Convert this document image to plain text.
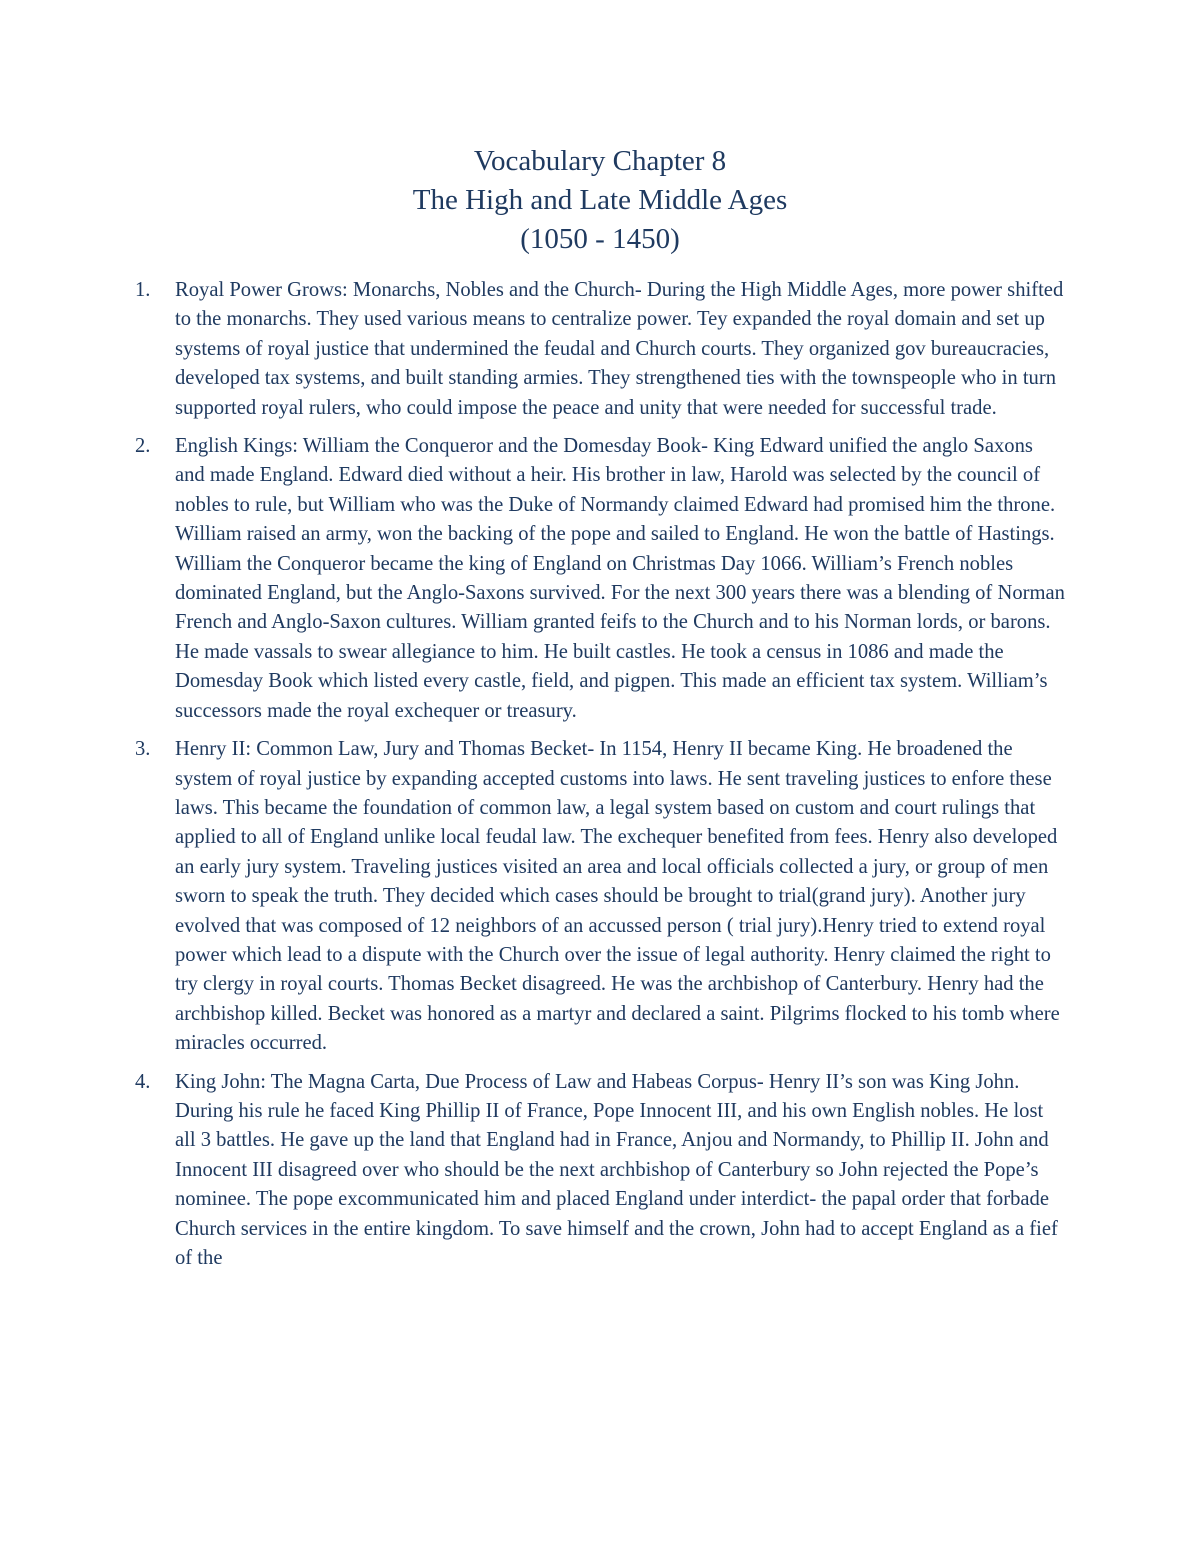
Vocabulary Chapter 8
The High and Late Middle Ages
(1050 - 1450)
1.	Royal Power Grows: Monarchs, Nobles and the Church- During the High Middle Ages, more power shifted to the monarchs. They used various means to centralize power. Tey expanded the royal domain and set up systems of royal justice that undermined the feudal and Church courts. They organized gov bureaucracies, developed tax systems, and built standing armies. They strengthened ties with the townspeople who in turn supported royal rulers, who could impose the peace and unity that were needed for successful trade.
2.	English Kings: William the Conqueror and the Domesday Book- King Edward unified the anglo Saxons and made England. Edward died without a heir. His brother in law, Harold was selected by the council of nobles to rule, but William who was the Duke of Normandy claimed Edward had promised him the throne. William raised an army, won the backing of the pope and sailed to England. He won the battle of Hastings. William the Conqueror became the king of England on Christmas Day 1066. William’s French nobles dominated England, but the Anglo-Saxons survived. For the next 300 years there was a blending of Norman French and Anglo-Saxon cultures. William granted feifs to the Church and to his Norman lords, or barons. He made vassals to swear allegiance to him. He built castles. He took a census in 1086 and made the Domesday Book which listed every castle, field, and pigpen. This made an efficient tax system. William’s successors made the royal exchequer or treasury.
3.	Henry II: Common Law, Jury and Thomas Becket- In 1154, Henry II became King. He broadened the system of royal justice by expanding accepted customs into laws. He sent traveling justices to enfore these laws. This became the foundation of common law, a legal system based on custom and court rulings that applied to all of England unlike local feudal law. The exchequer benefited from fees. Henry also developed an early jury system. Traveling justices visited an area and local officials collected a jury, or group of men sworn to speak the truth. They decided which cases should be brought to trial(grand jury). Another jury evolved that was composed of 12 neighbors of an accussed person ( trial jury).Henry tried to extend royal power which lead to a dispute with the Church over the issue of legal authority. Henry claimed the right to try clergy in royal courts. Thomas Becket disagreed. He was the archbishop of Canterbury. Henry had the archbishop killed. Becket was honored as a martyr and declared a saint. Pilgrims flocked to his tomb where miracles occurred.
4.	King John: The Magna Carta, Due Process of Law and Habeas Corpus- Henry II’s son was King John. During his rule he faced King Phillip II of France, Pope Innocent III, and his own English nobles. He lost all 3 battles. He gave up the land that England had in France, Anjou and Normandy, to Phillip II. John and Innocent III disagreed over who should be the next archbishop of Canterbury so John rejected the Pope’s nominee. The pope excommunicated him and placed England under interdict- the papal order that forbade Church services in the entire kingdom. To save himself and the crown, John had to accept England as a fief of the
